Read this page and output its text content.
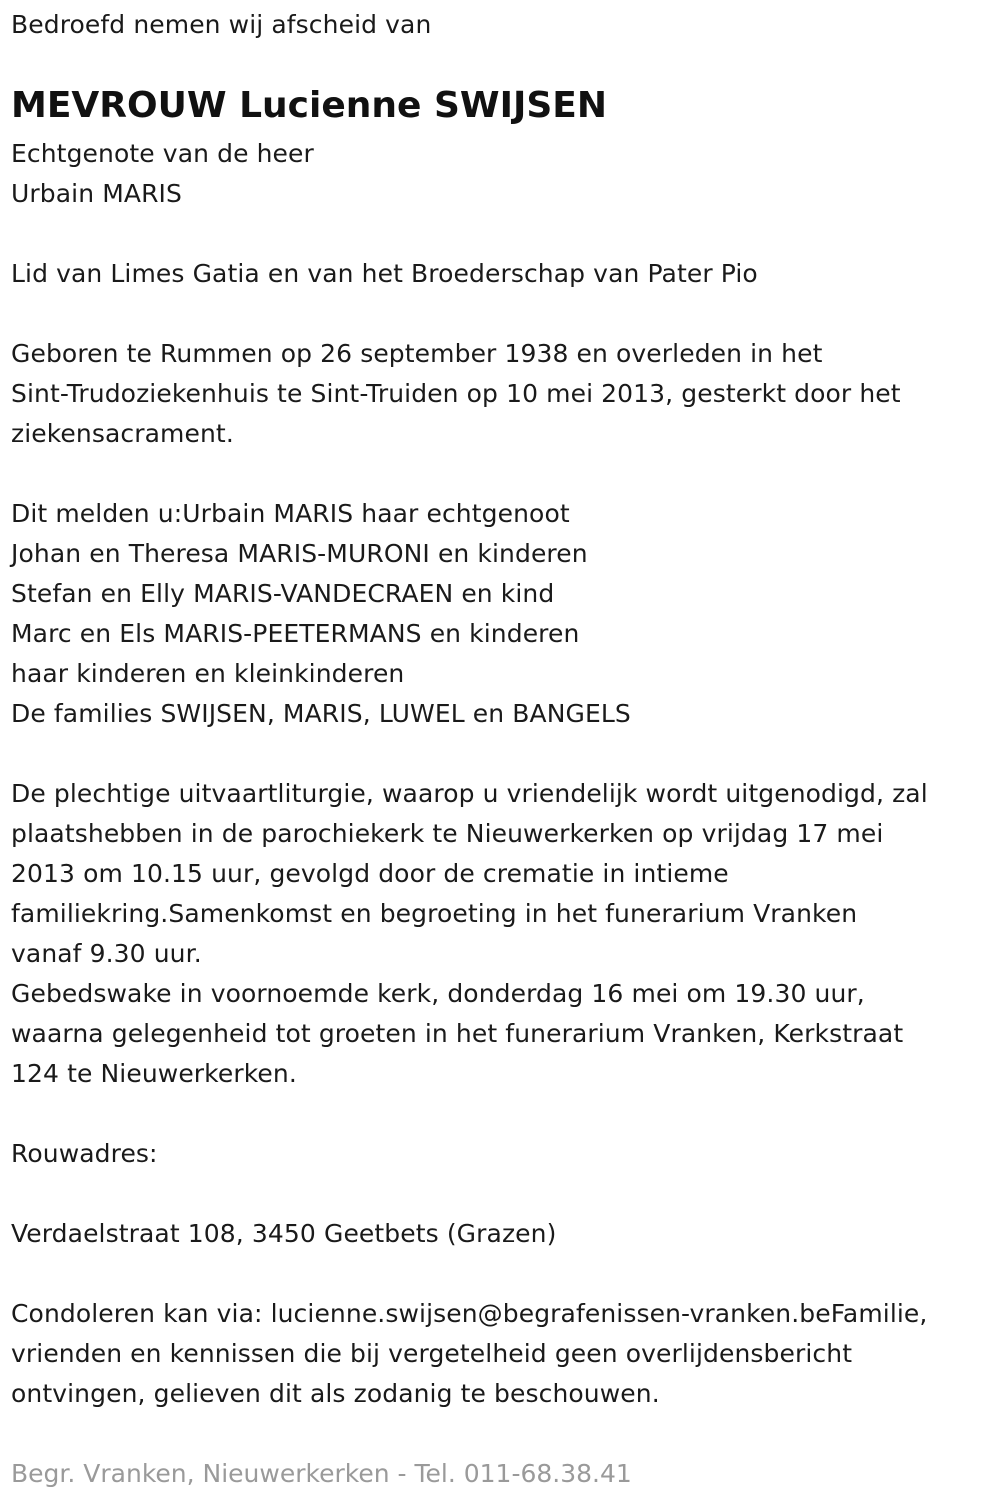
Bedroefd nemen wij afscheid van
MEVROUW Lucienne SWIJSEN
Echtgenote van de heer
Urbain MARIS
Lid van Limes Gatia en van het Broederschap van Pater Pio
Geboren te Rummen op 26 september 1938 en overleden in het
Sint-Trudoziekenhuis te Sint-Truiden op 10 mei 2013, gesterkt door het
ziekensacrament.
Dit melden u:Urbain MARIS haar echtgenoot
Johan en Theresa MARIS-MURONI en kinderen
Stefan en Elly MARIS-VANDECRAEN en kind
Marc en Els MARIS-PEETERMANS en kinderen
haar kinderen en kleinkinderen
De families SWIJSEN, MARIS, LUWEL en BANGELS
De plechtige uitvaartliturgie, waarop u vriendelijk wordt uitgenodigd, zal
plaatshebben in de parochiekerk te Nieuwerkerken op vrijdag 17 mei
2013 om 10.15 uur, gevolgd door de crematie in intieme
familiekring.Samenkomst en begroeting in het funerarium Vranken
vanaf 9.30 uur.
Gebedswake in voornoemde kerk, donderdag 16 mei om 19.30 uur,
waarna gelegenheid tot groeten in het funerarium Vranken, Kerkstraat
124 te Nieuwerkerken.
Rouwadres:
Verdaelstraat 108, 3450 Geetbets (Grazen)
Condoleren kan via: lucienne.swijsen@begrafenissen-vranken.beFamilie,
vrienden en kennissen die bij vergetelheid geen overlijdensbericht
ontvingen, gelieven dit als zodanig te beschouwen.
Begr. Vranken, Nieuwerkerken - Tel. 011-68.38.41
